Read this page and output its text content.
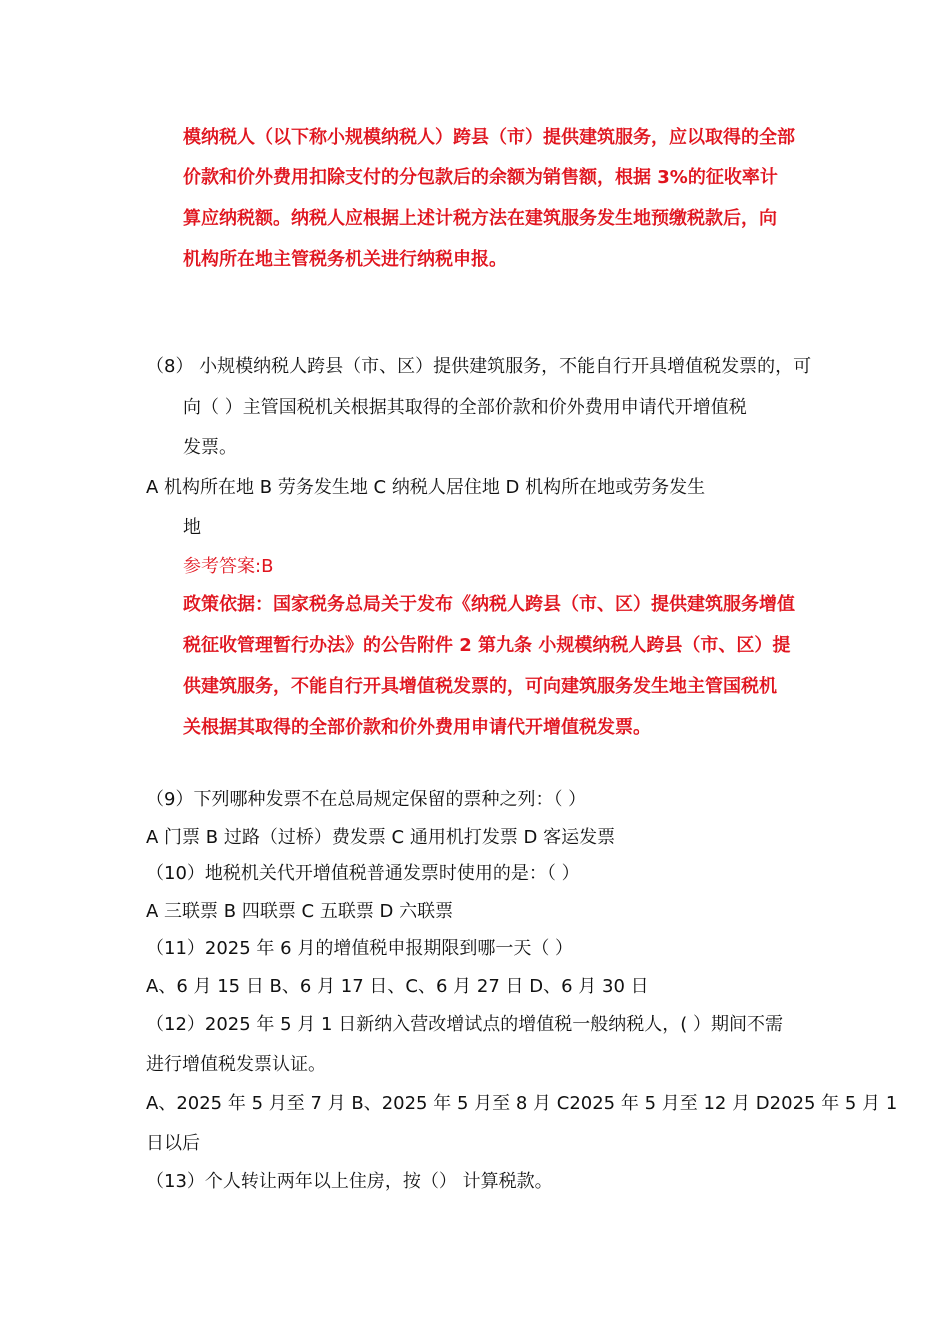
模纳税人（以下称小规模纳税人）跨县（市）提供建筑服务，应以取得的全部
价款和价外费用扣除支付的分包款后的余额为销售额，根据 3%的征收率计
算应纳税额。纳税人应根据上述计税方法在建筑服务发生地预缴税款后，向
机构所在地主管税务机关进行纳税申报。
（8） 小规模纳税人跨县（市、区）提供建筑服务，不能自行开具增值税发票的，可
向（ ）主管国税机关根据其取得的全部价款和价外费用申请代开增值税
发票。
A 机构所在地 B 劳务发生地 C 纳税人居住地 D 机构所在地或劳务发生
地
参考答案:B
政策依据：国家税务总局关于发布《纳税人跨县（市、区）提供建筑服务增值
税征收管理暂行办法》的公告附件 2 第九条 小规模纳税人跨县（市、区）提
供建筑服务，不能自行开具增值税发票的，可向建筑服务发生地主管国税机
关根据其取得的全部价款和价外费用申请代开增值税发票。
（9）下列哪种发票不在总局规定保留的票种之列：（ ）
A 门票 B 过路（过桥）费发票 C 通用机打发票 D 客运发票
（10）地税机关代开增值税普通发票时使用的是：（ ）
A 三联票 B 四联票 C 五联票 D 六联票
（11）2025 年 6 月的增值税申报期限到哪一天（ ）
A、6 月 15 日 B、6 月 17 日、C、6 月 27 日 D、6 月 30 日
（12）2025 年 5 月 1 日新纳入营改增试点的增值税一般纳税人，( ）期间不需
进行增值税发票认证。
A、2025 年 5 月至 7 月 B、2025 年 5 月至 8 月 C2025 年 5 月至 12 月 D2025 年 5 月 1
日以后
（13）个人转让两年以上住房，按（） 计算税款。
